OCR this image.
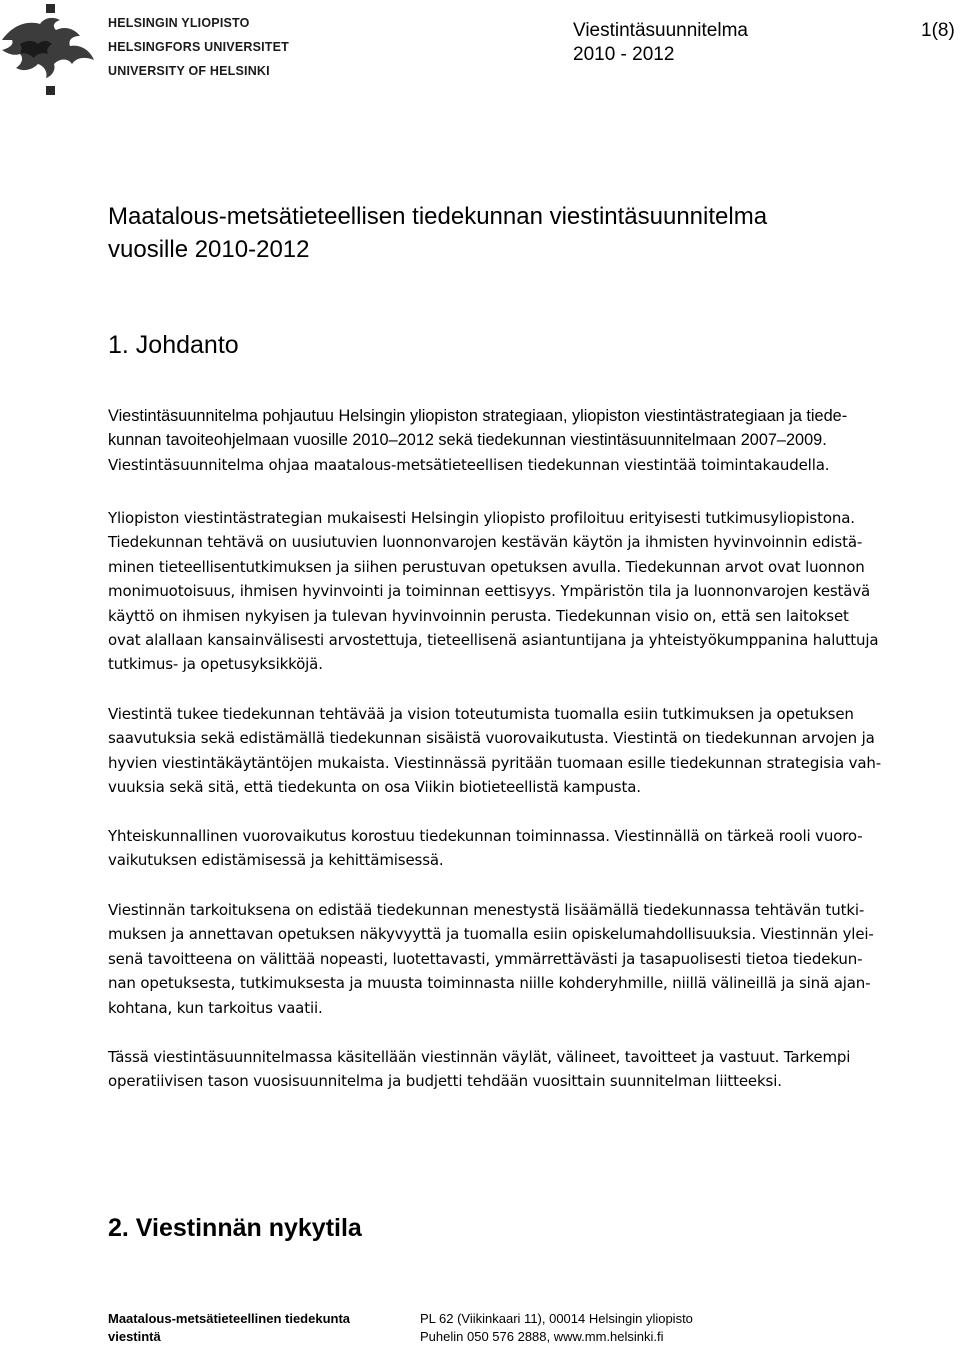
HELSINGIN YLIOPISTO
HELSINGFORS UNIVERSITET
UNIVERSITY OF HELSINKI
Viestintäsuunnitelma
2010 - 2012
1(8)
Maatalous-metsätieteellisen tiedekunnan viestintäsuunnitelma
vuosille 2010-2012
1. Johdanto
Viestintäsuunnitelma pohjautuu Helsingin yliopiston strategiaan, yliopiston viestintästrategiaan ja tiede-
kunnan tavoiteohjelmaan vuosille 2010–2012 sekä tiedekunnan viestintäsuunnitelmaan 2007–2009.
Viestintäsuunnitelma ohjaa maatalous-metsätieteellisen tiedekunnan viestintää toimintakaudella.
Yliopiston viestintästrategian mukaisesti Helsingin yliopisto profiloituu erityisesti tutkimusyliopistona.
Tiedekunnan tehtävä on uusiutuvien luonnonvarojen kestävän käytön ja ihmisten hyvinvoinnin edistä-
minen tieteellisentutkimuksen ja siihen perustuvan opetuksen avulla. Tiedekunnan arvot ovat luonnon
monimuotoisuus, ihmisen hyvinvointi ja toiminnan eettisyys. Ympäristön tila ja luonnonvarojen kestävä
käyttö on ihmisen nykyisen ja tulevan hyvinvoinnin perusta. Tiedekunnan visio on, että sen laitokset
ovat alallaan kansainvälisesti arvostettuja, tieteellisenä asiantuntijana ja yhteistyökumppanina haluttuja
tutkimus- ja opetusyksikköjä.
Viestintä tukee tiedekunnan tehtävää ja vision toteutumista tuomalla esiin tutkimuksen ja opetuksen
saavutuksia sekä edistämällä tiedekunnan sisäistä vuorovaikutusta. Viestintä on tiedekunnan arvojen ja
hyvien viestintäkäytäntöjen mukaista. Viestinnässä pyritään tuomaan esille tiedekunnan strategisia vah-
vuuksia sekä sitä, että tiedekunta on osa Viikin biotieteellistä kampusta.
Yhteiskunnallinen vuorovaikutus korostuu tiedekunnan toiminnassa. Viestinnällä on tärkeä rooli vuoro-
vaikutuksen edistämisessä ja kehittämisessä.
Viestinnän tarkoituksena on edistää tiedekunnan menestystä lisäämällä tiedekunnassa tehtävän tutki-
muksen ja annettavan opetuksen näkyvyyttä ja tuomalla esiin opiskelumahdollisuuksia. Viestinnän ylei-
senä tavoitteena on välittää nopeasti, luotettavasti, ymmärrettävästi ja tasapuolisesti tietoa tiedekun-
nan opetuksesta, tutkimuksesta ja muusta toiminnasta niille kohderyhmille, niillä välineillä ja sinä ajan-
kohtana, kun tarkoitus vaatii.
Tässä viestintäsuunnitelmassa käsitellään viestinnän väylät, välineet, tavoitteet ja vastuut. Tarkempi
operatiivisen tason vuosisuunnitelma ja budjetti tehdään vuosittain suunnitelman liitteeksi.
2. Viestinnän nykytila
Maatalous-metsätieteellinen tiedekunta
viestintä
PL 62 (Viikinkaari 11), 00014 Helsingin yliopisto
Puhelin 050 576 2888, www.mm.helsinki.fi
